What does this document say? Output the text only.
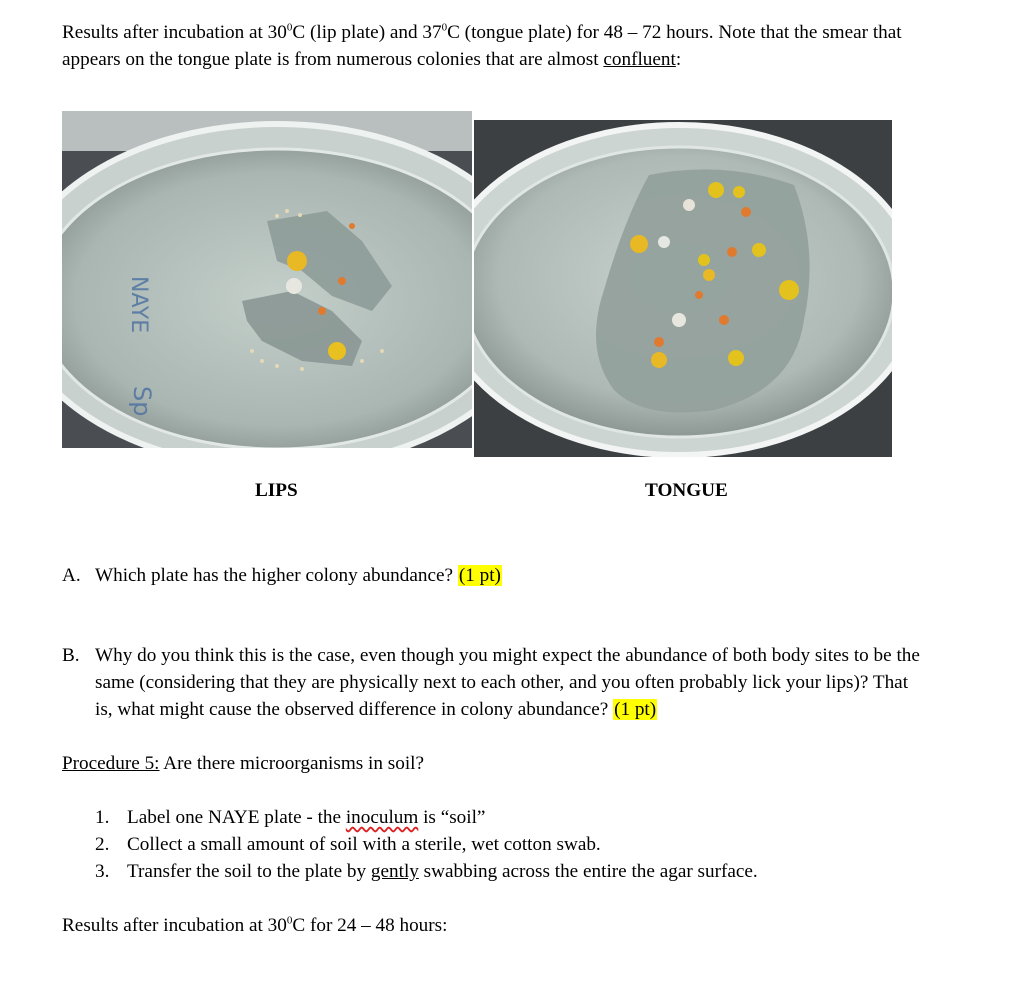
Results after incubation at $30^0C$ (lip plate) and $37^0C$ (tongue plate) for 48 – 72 hours. Note that the smear that
appears on the tongue plate is from numerous colonies that are almost confluent:
NAYE
Sp
LIPS	TONGUE
A. Which plate has the higher colony abundance? (1 pt)
B. Why do you think this is the case, even though you might expect the abundance of both body sites to be the
same (considering that they are physically next to each other, and you often probably lick your lips)? That
is, what might cause the observed difference in colony abundance? (1 pt)
Procedure 5: Are there microorganisms in soil?
1. Label one NAYE plate - the inoculum is “soil”
2. Collect a small amount of soil with a sterile, wet cotton swab.
3. Transfer the soil to the plate by gently swabbing across the entire the agar surface.
Results after incubation at $30^0C$ for 24 – 48 hours:
